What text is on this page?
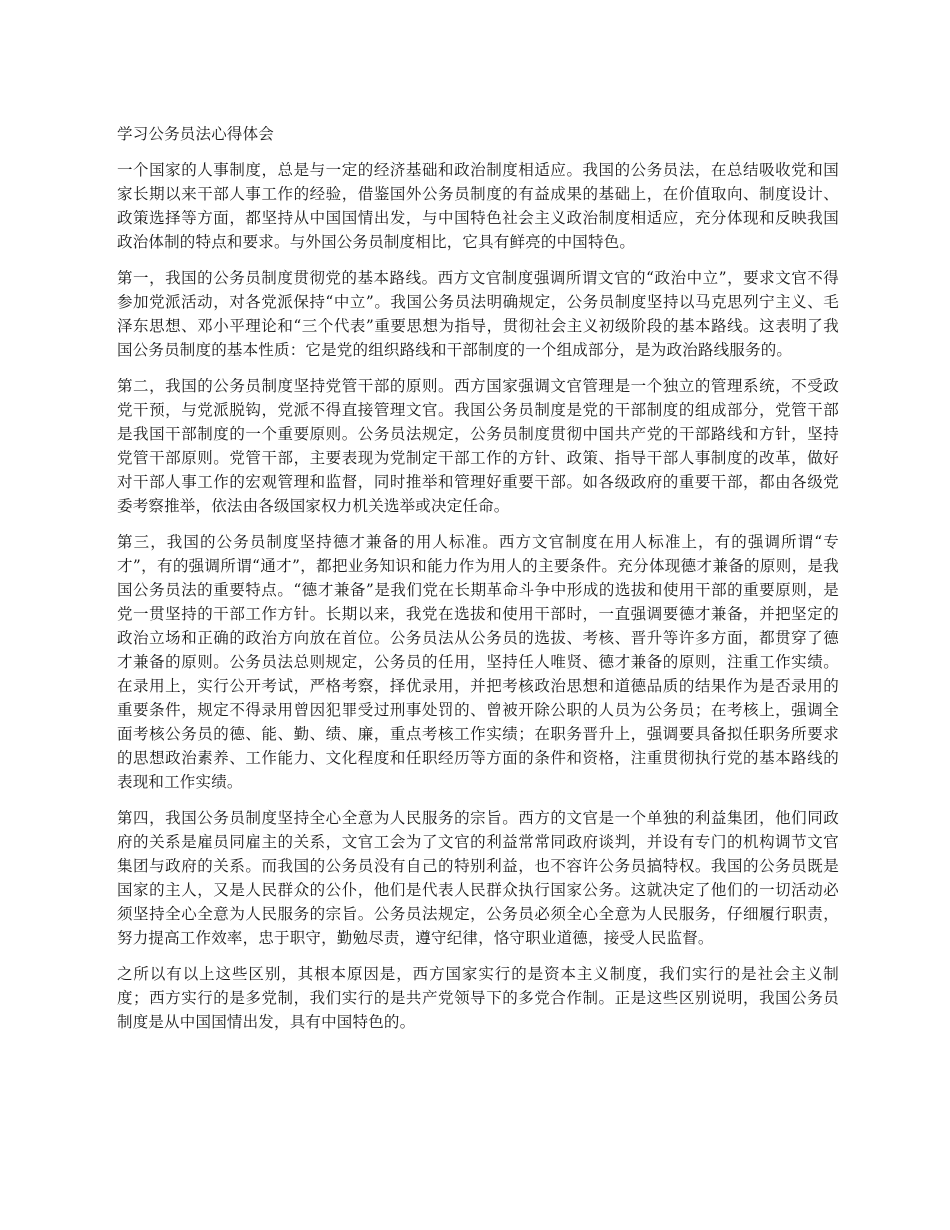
学习公务员法心得体会

一个国家的人事制度，总是与一定的经济基础和政治制度相适应。我国的公务员法，在总结吸收党和国家长期以来干部人事工作的经验，借鉴国外公务员制度的有益成果的基础上，在价值取向、制度设计、政策选择等方面，都坚持从中国国情出发，与中国特色社会主义政治制度相适应，充分体现和反映我国政治体制的特点和要求。与外国公务员制度相比，它具有鲜亮的中国特色。

第一，我国的公务员制度贯彻党的基本路线。西方文官制度强调所谓文官的“政治中立”，要求文官不得参加党派活动，对各党派保持“中立”。我国公务员法明确规定，公务员制度坚持以马克思列宁主义、毛泽东思想、邓小平理论和“三个代表”重要思想为指导，贯彻社会主义初级阶段的基本路线。这表明了我国公务员制度的基本性质：它是党的组织路线和干部制度的一个组成部分，是为政治路线服务的。

第二，我国的公务员制度坚持党管干部的原则。西方国家强调文官管理是一个独立的管理系统，不受政党干预，与党派脱钩，党派不得直接管理文官。我国公务员制度是党的干部制度的组成部分，党管干部是我国干部制度的一个重要原则。公务员法规定，公务员制度贯彻中国共产党的干部路线和方针，坚持党管干部原则。党管干部，主要表现为党制定干部工作的方针、政策、指导干部人事制度的改革，做好对干部人事工作的宏观管理和监督，同时推举和管理好重要干部。如各级政府的重要干部，都由各级党委考察推举，依法由各级国家权力机关选举或决定任命。

第三，我国的公务员制度坚持德才兼备的用人标准。西方文官制度在用人标准上，有的强调所谓“专才”，有的强调所谓“通才”，都把业务知识和能力作为用人的主要条件。充分体现德才兼备的原则，是我国公务员法的重要特点。“德才兼备”是我们党在长期革命斗争中形成的选拔和使用干部的重要原则，是党一贯坚持的干部工作方针。长期以来，我党在选拔和使用干部时，一直强调要德才兼备，并把坚定的政治立场和正确的政治方向放在首位。公务员法从公务员的选拔、考核、晋升等许多方面，都贯穿了德才兼备的原则。公务员法总则规定，公务员的任用，坚持任人唯贤、德才兼备的原则，注重工作实绩。在录用上，实行公开考试，严格考察，择优录用，并把考核政治思想和道德品质的结果作为是否录用的重要条件，规定不得录用曾因犯罪受过刑事处罚的、曾被开除公职的人员为公务员；在考核上，强调全面考核公务员的德、能、勤、绩、廉，重点考核工作实绩；在职务晋升上，强调要具备拟任职务所要求的思想政治素养、工作能力、文化程度和任职经历等方面的条件和资格，注重贯彻执行党的基本路线的表现和工作实绩。

第四，我国公务员制度坚持全心全意为人民服务的宗旨。西方的文官是一个单独的利益集团，他们同政府的关系是雇员同雇主的关系，文官工会为了文官的利益常常同政府谈判，并设有专门的机构调节文官集团与政府的关系。而我国的公务员没有自己的特别利益，也不容许公务员搞特权。我国的公务员既是国家的主人，又是人民群众的公仆，他们是代表人民群众执行国家公务。这就决定了他们的一切活动必须坚持全心全意为人民服务的宗旨。公务员法规定，公务员必须全心全意为人民服务，仔细履行职责，努力提高工作效率，忠于职守，勤勉尽责，遵守纪律，恪守职业道德，接受人民监督。

之所以有以上这些区别，其根本原因是，西方国家实行的是资本主义制度，我们实行的是社会主义制度；西方实行的是多党制，我们实行的是共产党领导下的多党合作制。正是这些区别说明，我国公务员制度是从中国国情出发，具有中国特色的。
